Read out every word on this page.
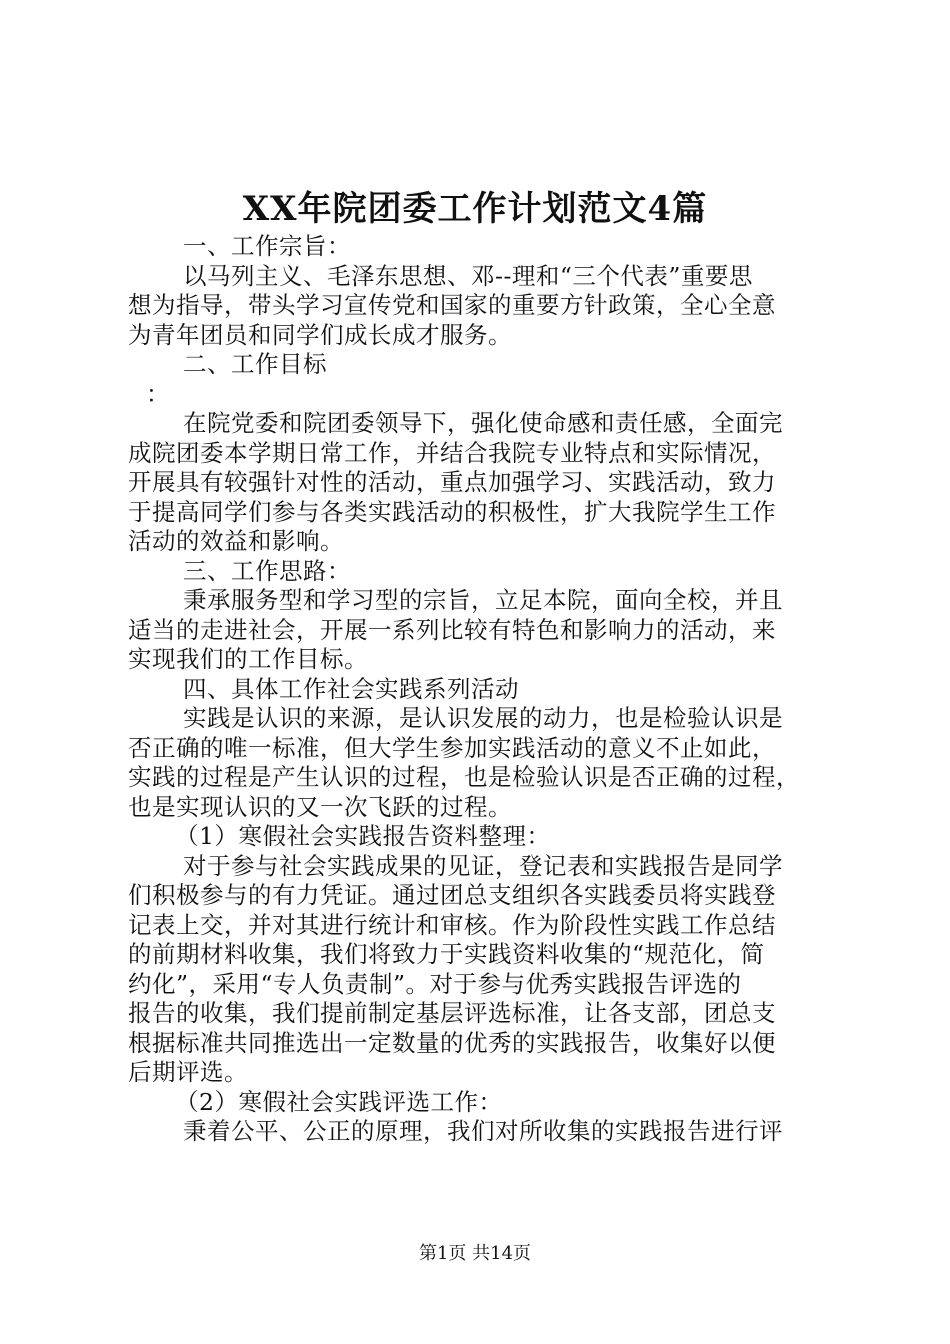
XX年院团委工作计划范文4篇
一、工作宗旨：
以马列主义、毛泽东思想、邓--理和“三个代表”重要思
想为指导，带头学习宣传党和国家的重要方针政策，全心全意
为青年团员和同学们成长成才服务。
二、工作目标
：
在院党委和院团委领导下，强化使命感和责任感，全面完
成院团委本学期日常工作，并结合我院专业特点和实际情况，
开展具有较强针对性的活动，重点加强学习、实践活动，致力
于提高同学们参与各类实践活动的积极性，扩大我院学生工作
活动的效益和影响。
三、工作思路：
秉承服务型和学习型的宗旨，立足本院，面向全校，并且
适当的走进社会，开展一系列比较有特色和影响力的活动，来
实现我们的工作目标。
四、具体工作社会实践系列活动
实践是认识的来源，是认识发展的动力，也是检验认识是
否正确的唯一标准，但大学生参加实践活动的意义不止如此，
实践的过程是产生认识的过程，也是检验认识是否正确的过程，
也是实现认识的又一次飞跃的过程。
（1）寒假社会实践报告资料整理：
对于参与社会实践成果的见证，登记表和实践报告是同学
们积极参与的有力凭证。通过团总支组织各实践委员将实践登
记表上交，并对其进行统计和审核。作为阶段性实践工作总结
的前期材料收集，我们将致力于实践资料收集的“规范化，简
约化”，采用“专人负责制”。对于参与优秀实践报告评选的
报告的收集，我们提前制定基层评选标准，让各支部，团总支
根据标准共同推选出一定数量的优秀的实践报告，收集好以便
后期评选。
（2）寒假社会实践评选工作：
秉着公平、公正的原理，我们对所收集的实践报告进行评
第1页 共14页
